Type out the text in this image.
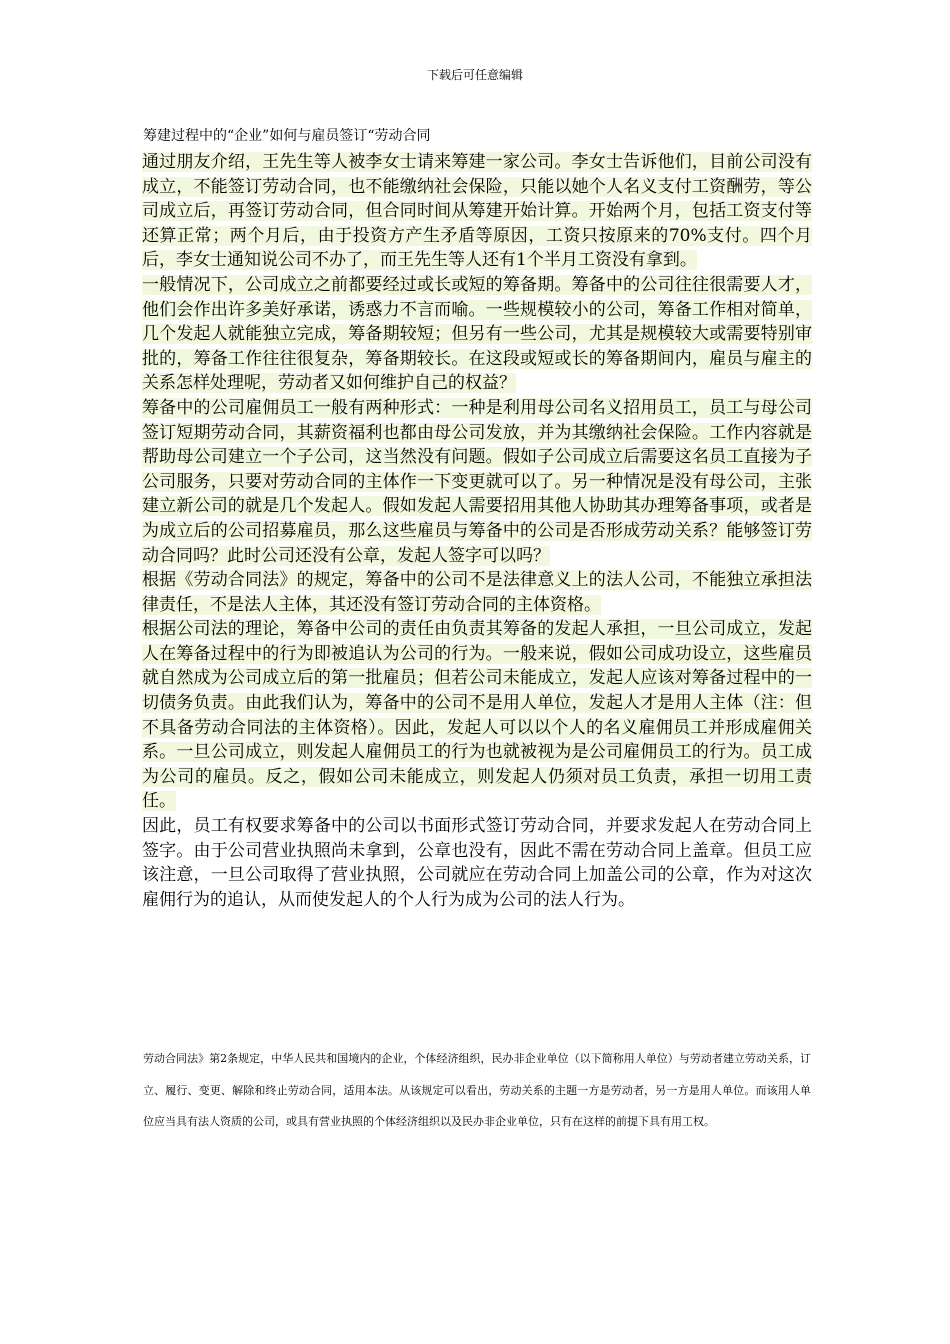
下载后可任意编辑
筹建过程中的“企业”如何与雇员签订“劳动合同

通过朋友介绍，王先生等人被李女士请来筹建一家公司。李女士告诉他们，目前公司没有成立，不能签订劳动合同，也不能缴纳社会保险，只能以她个人名义支付工资酬劳，等公司成立后，再签订劳动合同，但合同时间从筹建开始计算。开始两个月，包括工资支付等还算正常；两个月后，由于投资方产生矛盾等原因，工资只按原来的70%支付。四个月后，李女士通知说公司不办了，而王先生等人还有1个半月工资没有拿到。

一般情况下，公司成立之前都要经过或长或短的筹备期。筹备中的公司往往很需要人才，他们会作出许多美好承诺，诱惑力不言而喻。一些规模较小的公司，筹备工作相对简单，几个发起人就能独立完成，筹备期较短；但另有一些公司，尤其是规模较大或需要特别审批的，筹备工作往往很复杂，筹备期较长。在这段或短或长的筹备期间内，雇员与雇主的关系怎样处理呢，劳动者又如何维护自己的权益？

筹备中的公司雇佣员工一般有两种形式：一种是利用母公司名义招用员工，员工与母公司签订短期劳动合同，其薪资福利也都由母公司发放，并为其缴纳社会保险。工作内容就是帮助母公司建立一个子公司，这当然没有问题。假如子公司成立后需要这名员工直接为子公司服务，只要对劳动合同的主体作一下变更就可以了。另一种情况是没有母公司，主张建立新公司的就是几个发起人。假如发起人需要招用其他人协助其办理筹备事项，或者是为成立后的公司招募雇员，那么这些雇员与筹备中的公司是否形成劳动关系？能够签订劳动合同吗？此时公司还没有公章，发起人签字可以吗？

根据《劳动合同法》的规定，筹备中的公司不是法律意义上的法人公司，不能独立承担法律责任，不是法人主体，其还没有签订劳动合同的主体资格。

根据公司法的理论，筹备中公司的责任由负责其筹备的发起人承担，一旦公司成立，发起人在筹备过程中的行为即被追认为公司的行为。一般来说，假如公司成功设立，这些雇员就自然成为公司成立后的第一批雇员；但若公司未能成立，发起人应该对筹备过程中的一切债务负责。由此我们认为，筹备中的公司不是用人单位，发起人才是用人主体（注：但不具备劳动合同法的主体资格）。因此，发起人可以以个人的名义雇佣员工并形成雇佣关系。一旦公司成立，则发起人雇佣员工的行为也就被视为是公司雇佣员工的行为。员工成为公司的雇员。反之，假如公司未能成立，则发起人仍须对员工负责，承担一切用工责任。

因此，员工有权要求筹备中的公司以书面形式签订劳动合同，并要求发起人在劳动合同上签字。由于公司营业执照尚未拿到，公章也没有，因此不需在劳动合同上盖章。但员工应该注意，一旦公司取得了营业执照，公司就应在劳动合同上加盖公司的公章，作为对这次雇佣行为的追认，从而使发起人的个人行为成为公司的法人行为。

劳动合同法》第2条规定，中华人民共和国境内的企业，个体经济组织，民办非企业单位（以下简称用人单位）与劳动者建立劳动关系，订立、履行、变更、解除和终止劳动合同，适用本法。从该规定可以看出，劳动关系的主题一方是劳动者，另一方是用人单位。而该用人单位应当具有法人资质的公司，或具有营业执照的个体经济组织以及民办非企业单位，只有在这样的前提下具有用工权。
